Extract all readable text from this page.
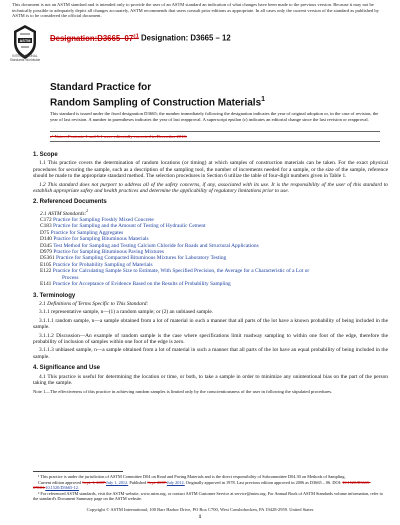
This document is not an ASTM standard and is intended only to provide the user of an ASTM standard an indication of what changes have been made to the previous version. Because it may not be technically possible to adequately depict all changes accurately, ASTM recommends that users consult prior editions as appropriate. In all cases only the current version of the standard as published by ASTM is to be considered the official document.
ASTM
INTERNATIONAL
Standards Worldwide
$Designation:D3665-07^{\varepsilon 1}$ Designation: D3665 – 12
Standard Practice for
Random Sampling of Construction Materials$^1$
This standard is issued under the fixed designation D3665; the number immediately following the designation indicates the year of original adoption or, in the case of revision, the year of last revision. A number in parentheses indicates the year of last reapproval. A superscript epsilon (ε) indicates an editorial change since the last revision or reapproval.
ε¹ Note—Footnote 1 and 5.1 were editorially corrected in December 2010.
1. Scope

1.1 This practice covers the determination of random locations (or timing) at which samples of construction materials can be taken. For the exact physical procedures for securing the sample, such as a description of the sampling tool, the number of increments needed for a sample, or the size of the sample, reference should be made to the appropriate standard method. The selection procedures in Section 6 utilize the table of four-digit numbers given in Table 1.

1.2 This standard does not purport to address all of the safety concerns, if any, associated with its use. It is the responsibility of the user of this standard to establish appropriate safety and health practices and determine the applicability of regulatory limitations prior to use.

2. Referenced Documents

2.1 ASTM Standards:$^2$

C172 Practice for Sampling Freshly Mixed Concrete

C183 Practice for Sampling and the Amount of Testing of Hydraulic Cement

D75 Practice for Sampling Aggregates

D140 Practice for Sampling Bituminous Materials

D345 Test Method for Sampling and Testing Calcium Chloride for Roads and Structural Applications

D979 Practice for Sampling Bituminous Paving Mixtures

D5361 Practice for Sampling Compacted Bituminous Mixtures for Laboratory Testing

E105 Practice for Probability Sampling of Materials

E122 Practice for Calculating Sample Size to Estimate, With Specified Precision, the Average for a Characteristic of a Lot or
Process

E141 Practice for Acceptance of Evidence Based on the Results of Probability Sampling

3. Terminology

3.1 Definitions of Terms Specific to This Standard:

3.1.1 representative sample, n—(1) a random sample; or (2) an unbiased sample.

3.1.1.1 random sample, n—a sample obtained from a lot of material in such a manner that all parts of the lot have a known probability of being included in the sample.

3.1.1.2 Discussion—An example of random sample is the case where specifications limit roadway sampling to within one foot of the edge, therefore the probability of inclusion of samples within one foot of the edge is zero.

3.1.1.3 unbiased sample, n—a sample obtained from a lot of material in such a manner that all parts of the lot have an equal probability of being included in the sample.

4. Significance and Use

4.1 This practice is useful for determining the location or time, or both, to take a sample in order to minimize any unintentional bias on the part of the person taking the sample.

Note 1—The effectiveness of this practice in achieving random samples is limited only by the conscientiousness of the user in following the stipulated procedures.

¹ This practice is under the jurisdiction of ASTM Committee D04 on Road and Paving Materials and is the direct responsibility of Subcommittee D04.30 on Methods of Sampling.

Current edition approved Sept. 1, 2007.July 1, 2012. Published Sept. 2007.July 2012. Originally approved in 1978. Last previous edition approved in 2006 as D3665 – 06. DOI: 10.1520/D3665-07E01.10.1520/D3665-12.

² For referenced ASTM standards, visit the ASTM website, www.astm.org, or contact ASTM Customer Service at service@astm.org. For Annual Book of ASTM Standards volume information, refer to the standard's Document Summary page on the ASTM website.

Copyright © ASTM International, 100 Barr Harbor Drive, PO Box C700, West Conshohocken, PA 19428-2959. United States
1
